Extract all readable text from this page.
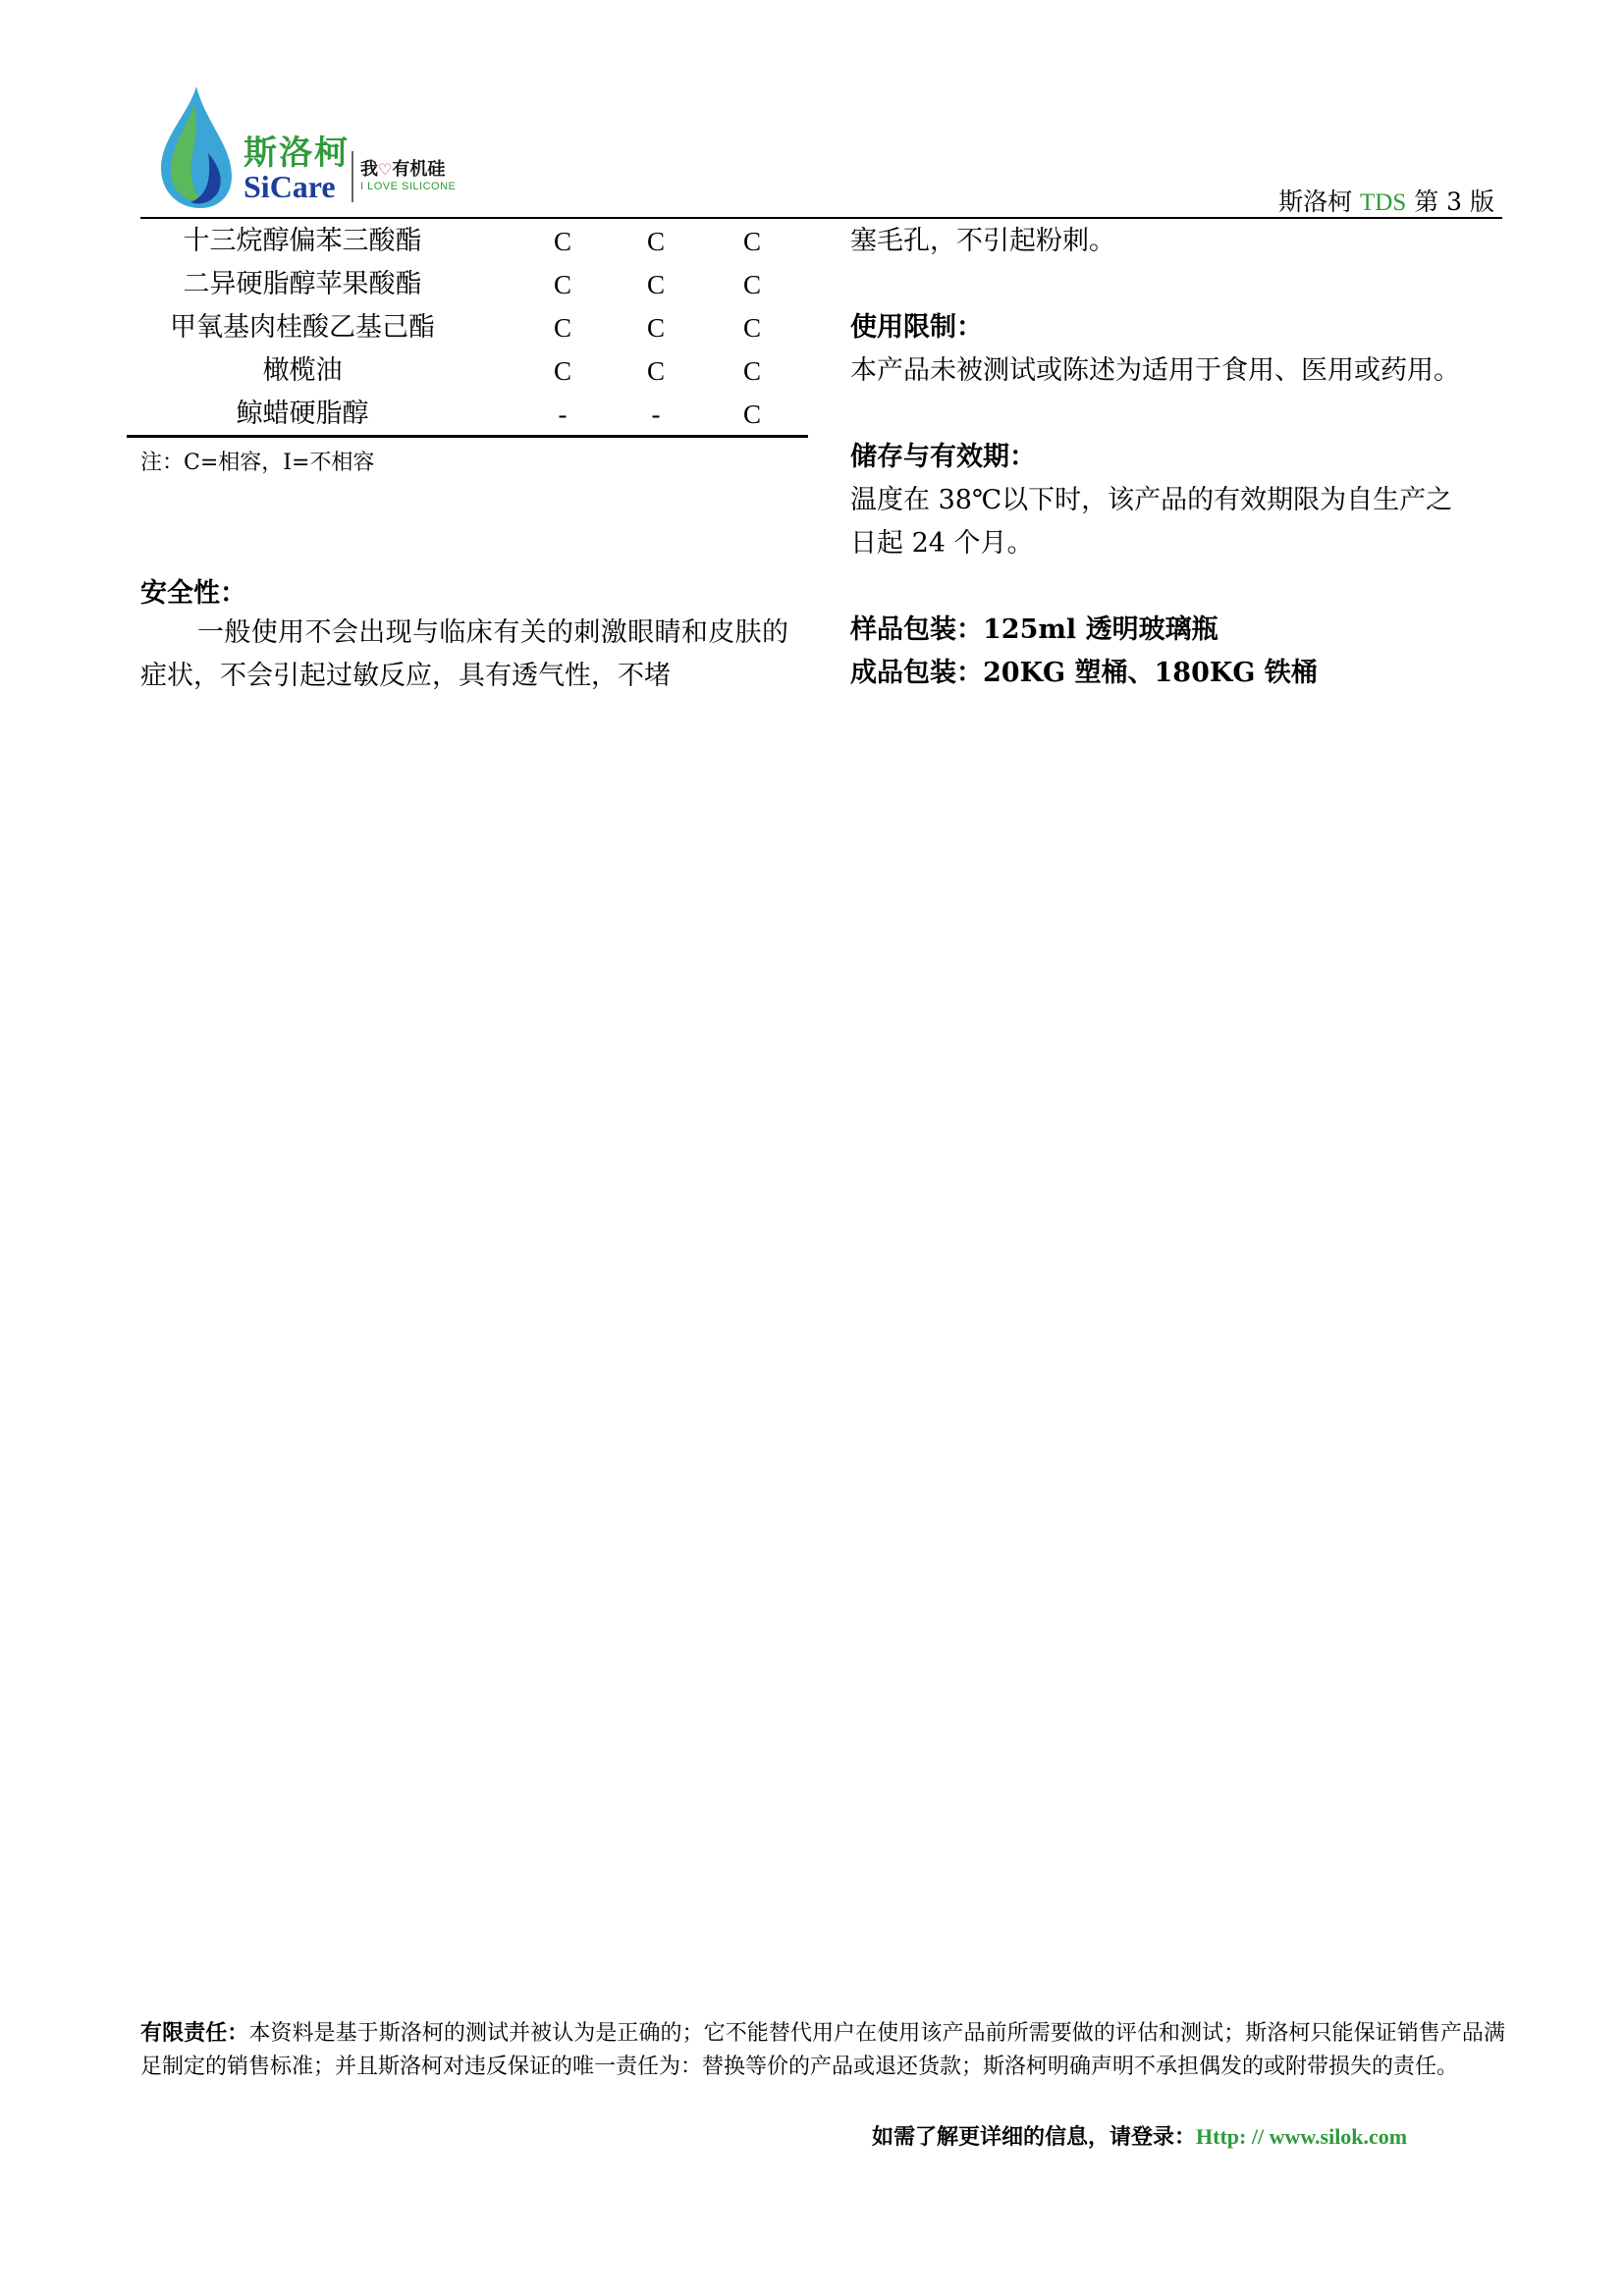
斯洛柯
SiCare 我♡有机硅
I LOVE SILICONE
斯洛柯 TDS 第 3 版
十三烷醇偏苯三酸酯	C	C	C
二异硬脂醇苹果酸酯	C	C	C
甲氧基肉桂酸乙基己酯	C	C	C
橄榄油	C	C	C
鲸蜡硬脂醇	-	-	C
注：C=相容，I=不相容
安全性：
一般使用不会出现与临床有关的刺激眼睛和皮肤的症状，不会引起过敏反应，具有透气性，不堵
塞毛孔，不引起粉刺。
使用限制：
本产品未被测试或陈述为适用于食用、医用或药用。
储存与有效期：
温度在 38℃以下时，该产品的有效期限为自生产之
日起 24 个月。
样品包装：125ml 透明玻璃瓶
成品包装：20KG 塑桶、180KG 铁桶
有限责任：本资料是基于斯洛柯的测试并被认为是正确的；它不能替代用户在使用该产品前所需要做的评估和测试；斯洛柯只能保证销售产品满足制定的销售标准；并且斯洛柯对违反保证的唯一责任为：替换等价的产品或退还货款；斯洛柯明确声明不承担偶发的或附带损失的责任。
如需了解更详细的信息，请登录：Http: // www.silok.com
